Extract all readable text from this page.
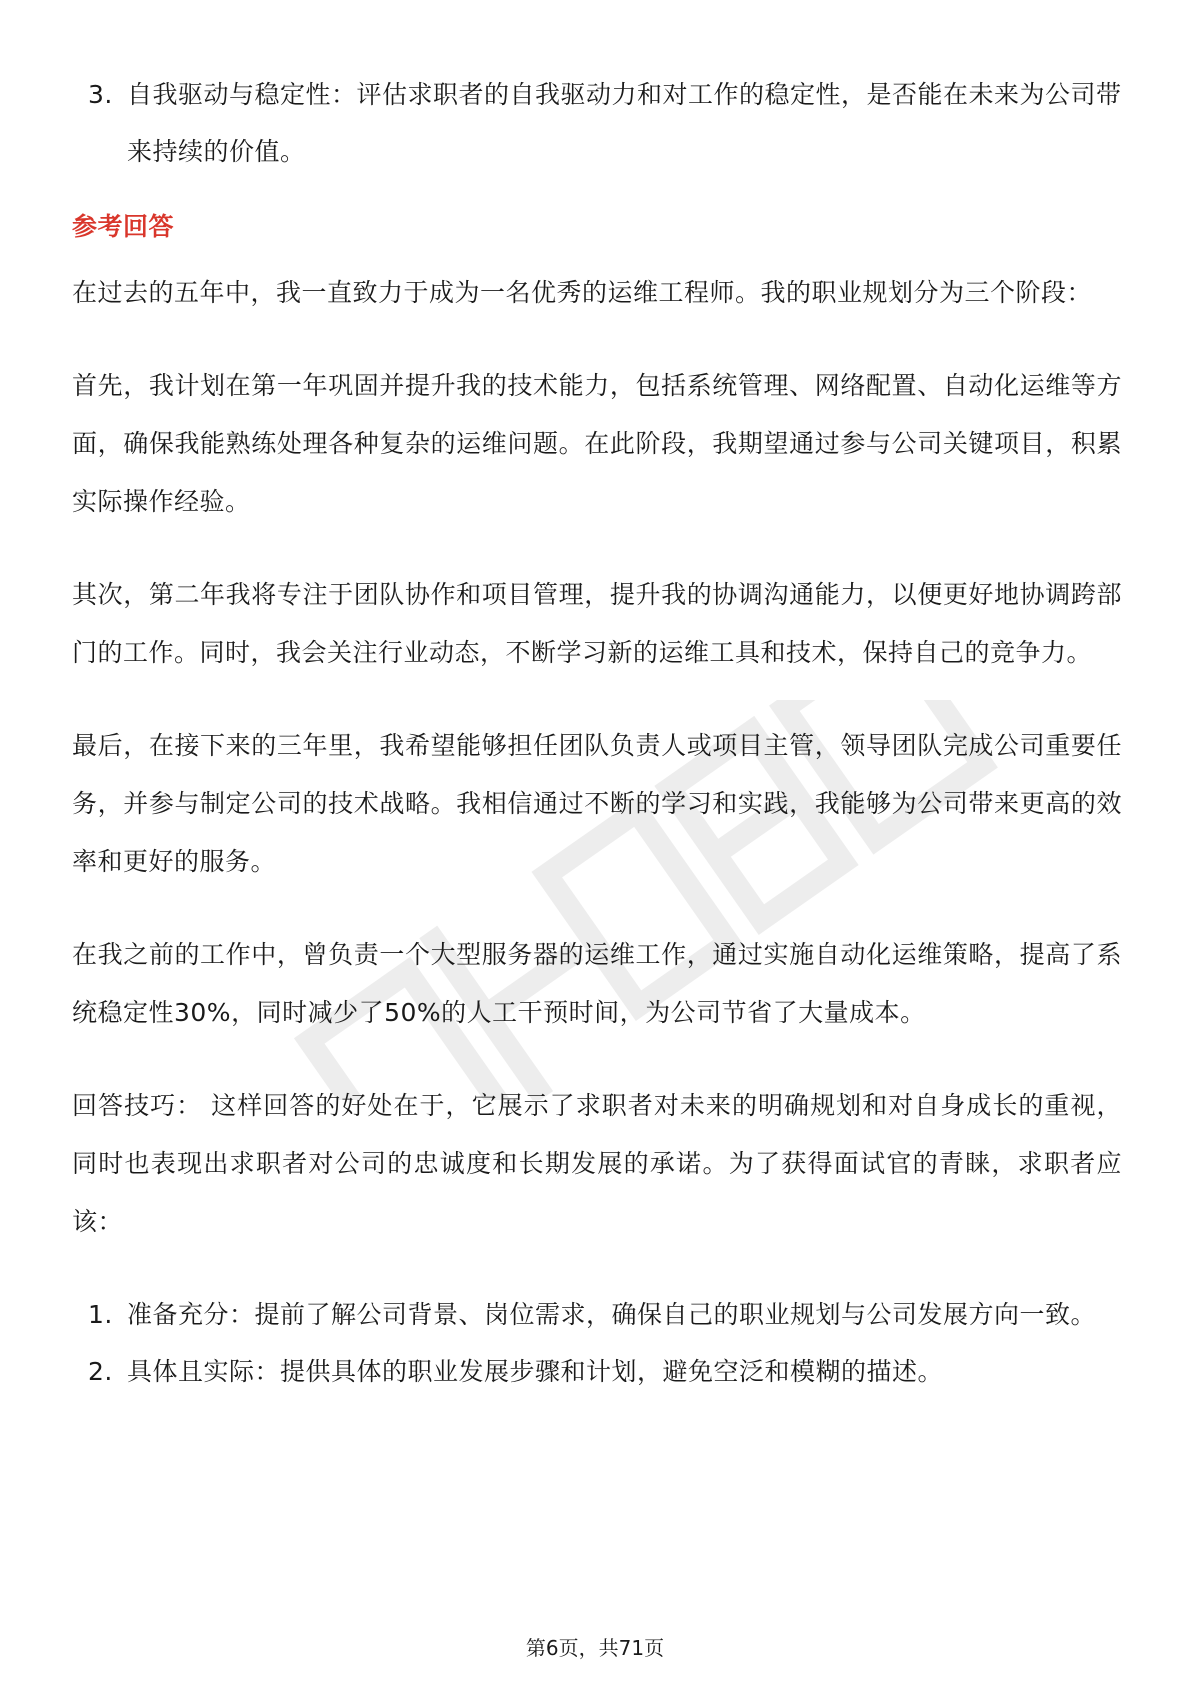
3. 自我驱动与稳定性：评估求职者的自我驱动力和对工作的稳定性，是否能在未来为公司带来持续的价值。
参考回答

在过去的五年中，我一直致力于成为一名优秀的运维工程师。我的职业规划分为三个阶段：

首先，我计划在第一年巩固并提升我的技术能力，包括系统管理、网络配置、自动化运维等方面，确保我能熟练处理各种复杂的运维问题。在此阶段，我期望通过参与公司关键项目，积累实际操作经验。

其次，第二年我将专注于团队协作和项目管理，提升我的协调沟通能力，以便更好地协调跨部门的工作。同时，我会关注行业动态，不断学习新的运维工具和技术，保持自己的竞争力。

最后，在接下来的三年里，我希望能够担任团队负责人或项目主管，领导团队完成公司重要任务，并参与制定公司的技术战略。我相信通过不断的学习和实践，我能够为公司带来更高的效率和更好的服务。

在我之前的工作中，曾负责一个大型服务器的运维工作，通过实施自动化运维策略，提高了系统稳定性30%，同时减少了50%的人工干预时间，为公司节省了大量成本。

回答技巧： 这样回答的好处在于，它展示了求职者对未来的明确规划和对自身成长的重视，同时也表现出求职者对公司的忠诚度和长期发展的承诺。为了获得面试官的青睐，求职者应该：

1. 准备充分：提前了解公司背景、岗位需求，确保自己的职业规划与公司发展方向一致。
2. 具体且实际：提供具体的职业发展步骤和计划，避免空泛和模糊的描述。
第6页，共71页
